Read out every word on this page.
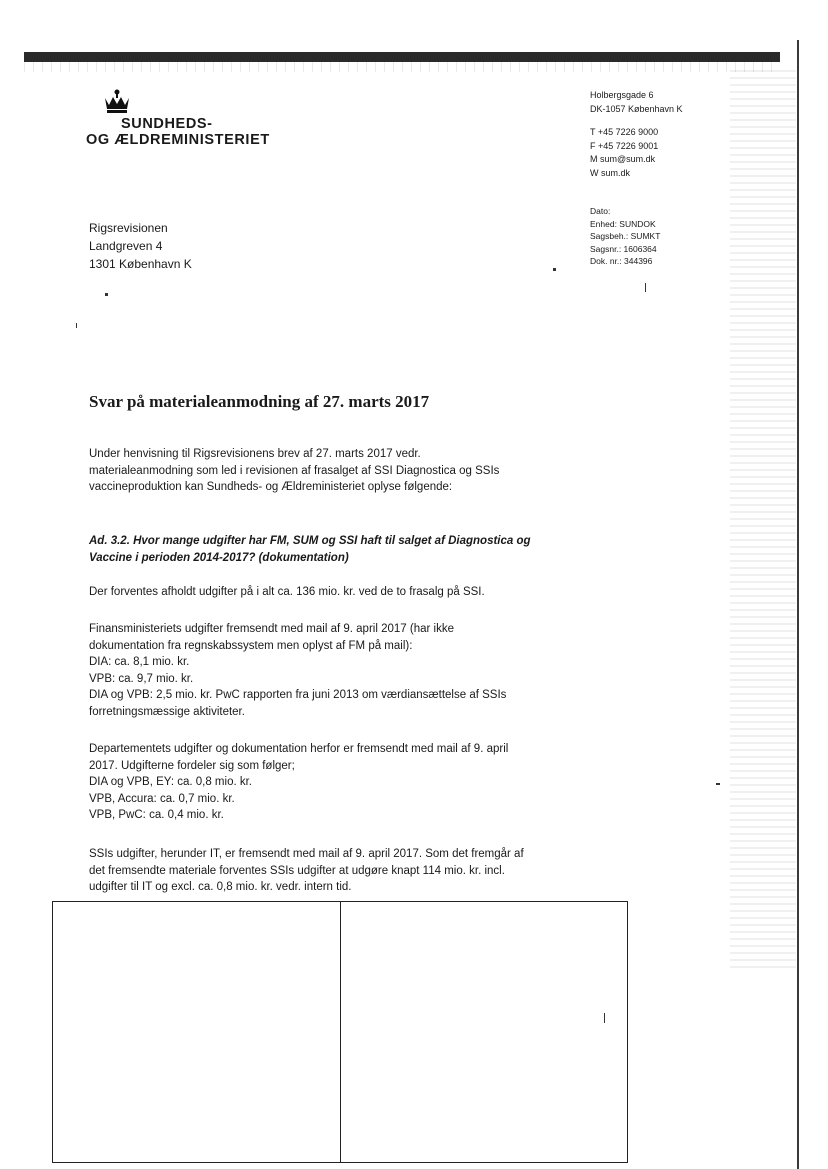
SUNDHEDS-
OG ÆLDREMINISTERIET
Holbergsgade 6
DK-1057 København K
T +45 7226 9000
F +45 7226 9001
M sum@sum.dk
W sum.dk
Dato:
Enhed: SUNDOK
Sagsbeh.: SUMKT
Sagsnr.: 1606364
Dok. nr.: 344396
Rigsrevisionen
Landgreven 4
1301 København K
Svar på materialeanmodning af 27. marts 2017
Under henvisning til Rigsrevisionens brev af 27. marts 2017 vedr.
materialeanmodning som led i revisionen af frasalget af SSI Diagnostica og SSIs
vaccineproduktion kan Sundheds- og Ældreministeriet oplyse følgende:
Ad. 3.2. Hvor mange udgifter har FM, SUM og SSI haft til salget af Diagnostica og
Vaccine i perioden 2014-2017? (dokumentation)
Der forventes afholdt udgifter på i alt ca. 136 mio. kr. ved de to frasalg på SSI.
Finansministeriets udgifter fremsendt med mail af 9. april 2017 (har ikke
dokumentation fra regnskabssystem men oplyst af FM på mail):
DIA: ca. 8,1 mio. kr.
VPB: ca. 9,7 mio. kr.
DIA og VPB: 2,5 mio. kr. PwC rapporten fra juni 2013 om værdiansættelse af SSIs
forretningsmæssige aktiviteter.
Departementets udgifter og dokumentation herfor er fremsendt med mail af 9. april
2017. Udgifterne fordeler sig som følger;
DIA og VPB, EY: ca. 0,8 mio. kr.
VPB, Accura: ca. 0,7 mio. kr.
VPB, PwC: ca. 0,4 mio. kr.
SSIs udgifter, herunder IT, er fremsendt med mail af 9. april 2017. Som det fremgår af
det fremsendte materiale forventes SSIs udgifter at udgøre knapt 114 mio. kr. incl.
udgifter til IT og excl. ca. 0,8 mio. kr. vedr. intern tid.
